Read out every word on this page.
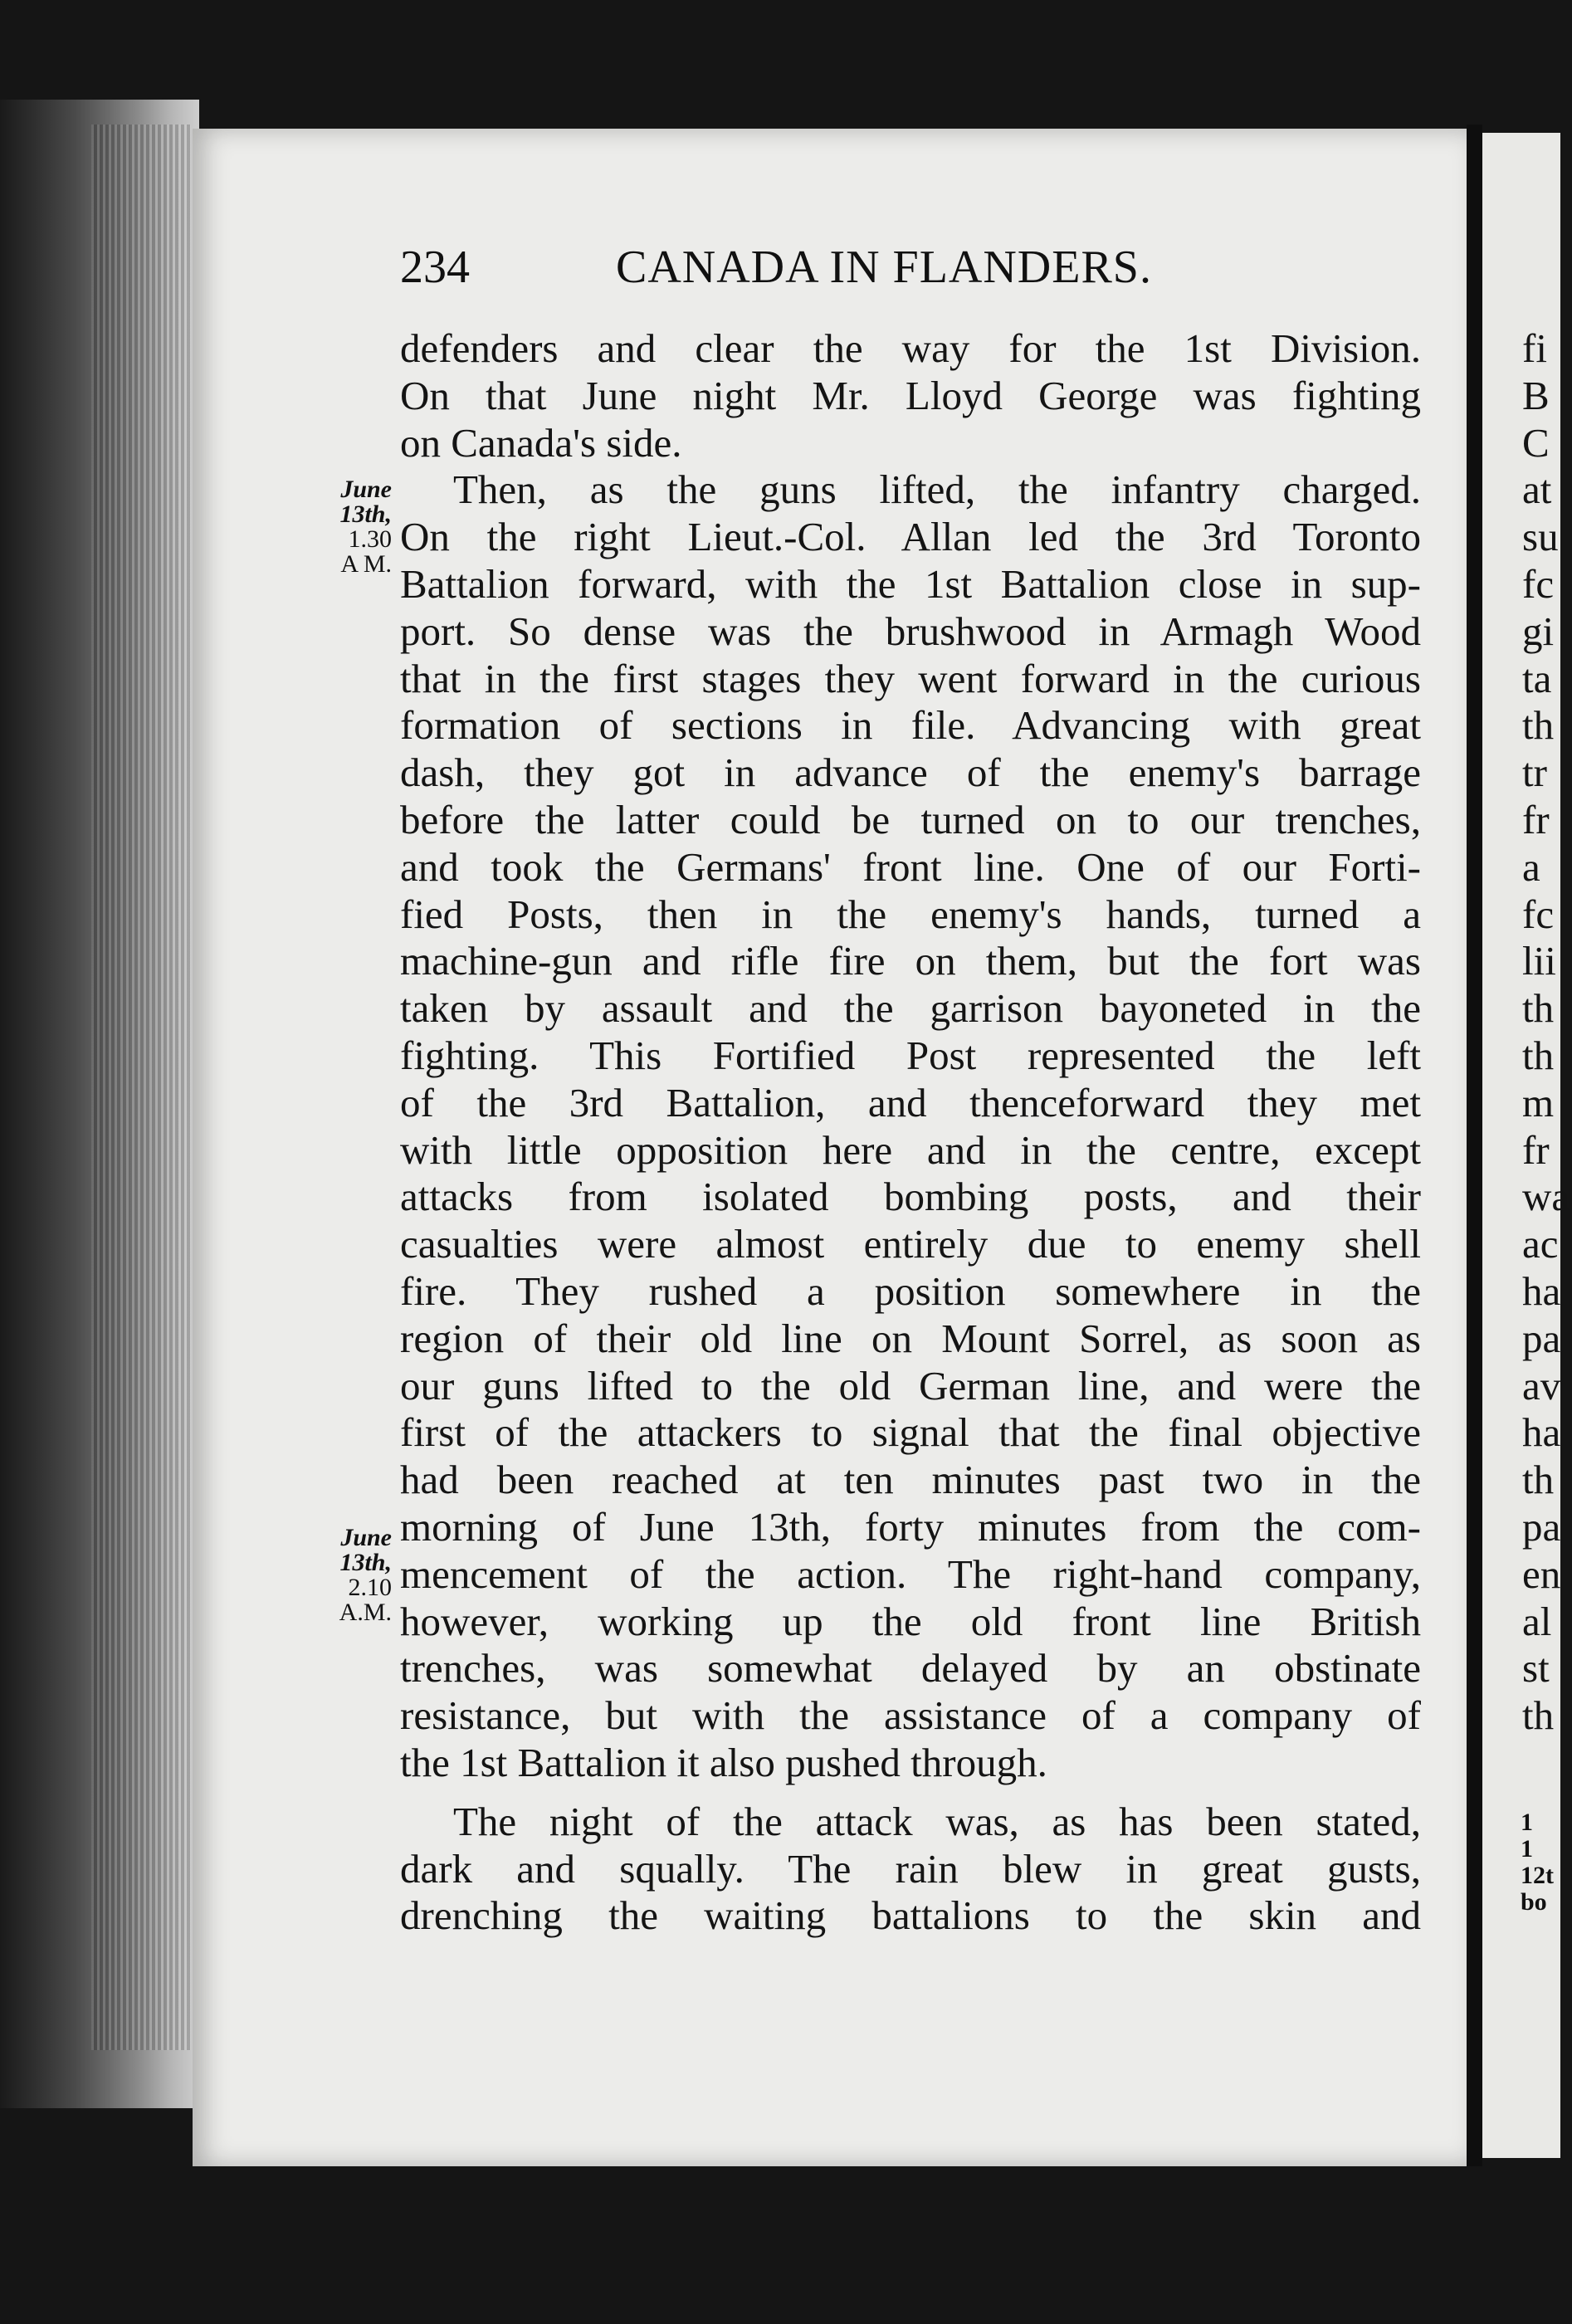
234	CANADA IN FLANDERS.
June
13th,
1.30
A M.
June
13th,
2.10
A.M.
defenders and clear the way for the 1st Division.
On that June night Mr. Lloyd George was fighting
on Canada's side.
Then, as the guns lifted, the infantry charged.
On the right Lieut.-Col. Allan led the 3rd Toronto
Battalion forward, with the 1st Battalion close in sup-
port. So dense was the brushwood in Armagh Wood
that in the first stages they went forward in the curious
formation of sections in file. Advancing with great
dash, they got in advance of the enemy's barrage
before the latter could be turned on to our trenches,
and took the Germans' front line. One of our Forti-
fied Posts, then in the enemy's hands, turned a
machine-gun and rifle fire on them, but the fort was
taken by assault and the garrison bayoneted in the
fighting. This Fortified Post represented the left
of the 3rd Battalion, and thenceforward they met
with little opposition here and in the centre, except
attacks from isolated bombing posts, and their
casualties were almost entirely due to enemy shell
fire. They rushed a position somewhere in the
region of their old line on Mount Sorrel, as soon as
our guns lifted to the old German line, and were the
first of the attackers to signal that the final objective
had been reached at ten minutes past two in the
morning of June 13th, forty minutes from the com-
mencement of the action. The right-hand company,
however, working up the old front line British
trenches, was somewhat delayed by an obstinate
resistance, but with the assistance of a company of
the 1st Battalion it also pushed through.
The night of the attack was, as has been stated,
dark and squally. The rain blew in great gusts,
drenching the waiting battalions to the skin and
fi
B
C
at
su
fc
gi
ta
th
tr
fr
a
fc
lii
th
th
m
fr
wa
ac
ha
pa
av
ha
th
pa
en
al
st
th
1
1
12t
bo
